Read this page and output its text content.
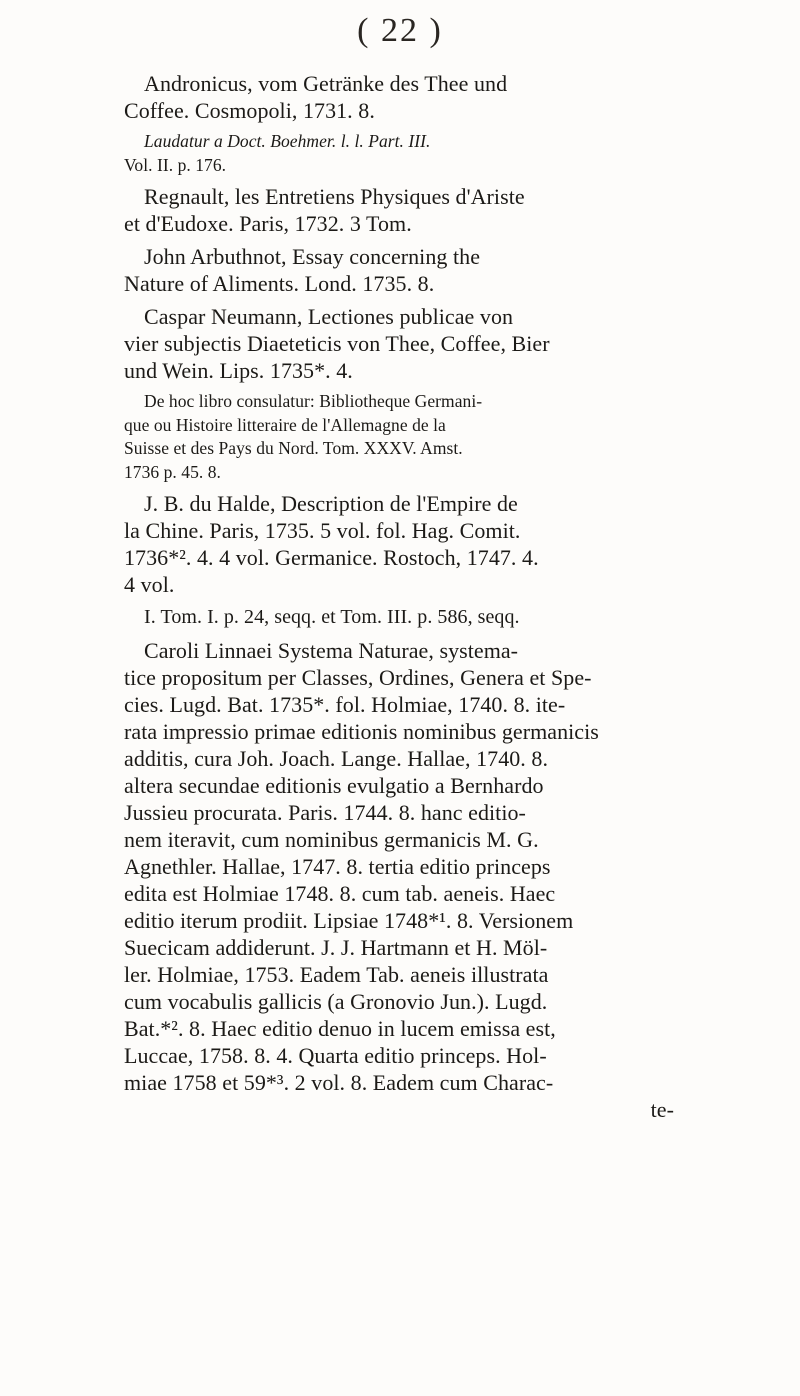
( 22 )
Andronicus, vom Getränke des Thee und
Coffee. Cosmopoli, 1731. 8.
Laudatur a Doct. Boehmer. l. l. Part. III.
Vol. II. p. 176.
Regnault, les Entretiens Physiques d'Ariste
et d'Eudoxe. Paris, 1732. 3 Tom.
John Arbuthnot, Essay concerning the
Nature of Aliments. Lond. 1735. 8.
Caspar Neumann, Lectiones publicae von
vier subjectis Diaeteticis von Thee, Coffee, Bier
und Wein. Lips. 1735*. 4.
De hoc libro consulatur: Bibliotheque Germani-
que ou Histoire litteraire de l'Allemagne de la
Suisse et des Pays du Nord. Tom. XXXV. Amst.
1736 p. 45. 8.
J. B. du Halde, Description de l'Empire de
la Chine. Paris, 1735. 5 vol. fol. Hag. Comit.
1736*². 4. 4 vol. Germanice. Rostoch, 1747. 4.
4 vol.
I. Tom. I. p. 24, seqq. et Tom. III. p. 586, seqq.
Caroli Linnaei Systema Naturae, systema-
tice propositum per Classes, Ordines, Genera et Spe-
cies. Lugd. Bat. 1735*. fol. Holmiae, 1740. 8. ite-
rata impressio primae editionis nominibus germanicis
additis, cura Joh. Joach. Lange. Hallae, 1740. 8.
altera secundae editionis evulgatio a Bernhardo
Jussieu procurata. Paris. 1744. 8. hanc editio-
nem iteravit, cum nominibus germanicis M. G.
Agnethler. Hallae, 1747. 8. tertia editio princeps
edita est Holmiae 1748. 8. cum tab. aeneis. Haec
editio iterum prodiit. Lipsiae 1748*¹. 8. Versionem
Suecicam addiderunt. J. J. Hartmann et H. Möl-
ler. Holmiae, 1753. Eadem Tab. aeneis illustrata
cum vocabulis gallicis (a Gronovio Jun.). Lugd.
Bat.*². 8. Haec editio denuo in lucem emissa est,
Luccae, 1758. 8. 4. Quarta editio princeps. Hol-
miae 1758 et 59*³. 2 vol. 8. Eadem cum Charac-
te-
